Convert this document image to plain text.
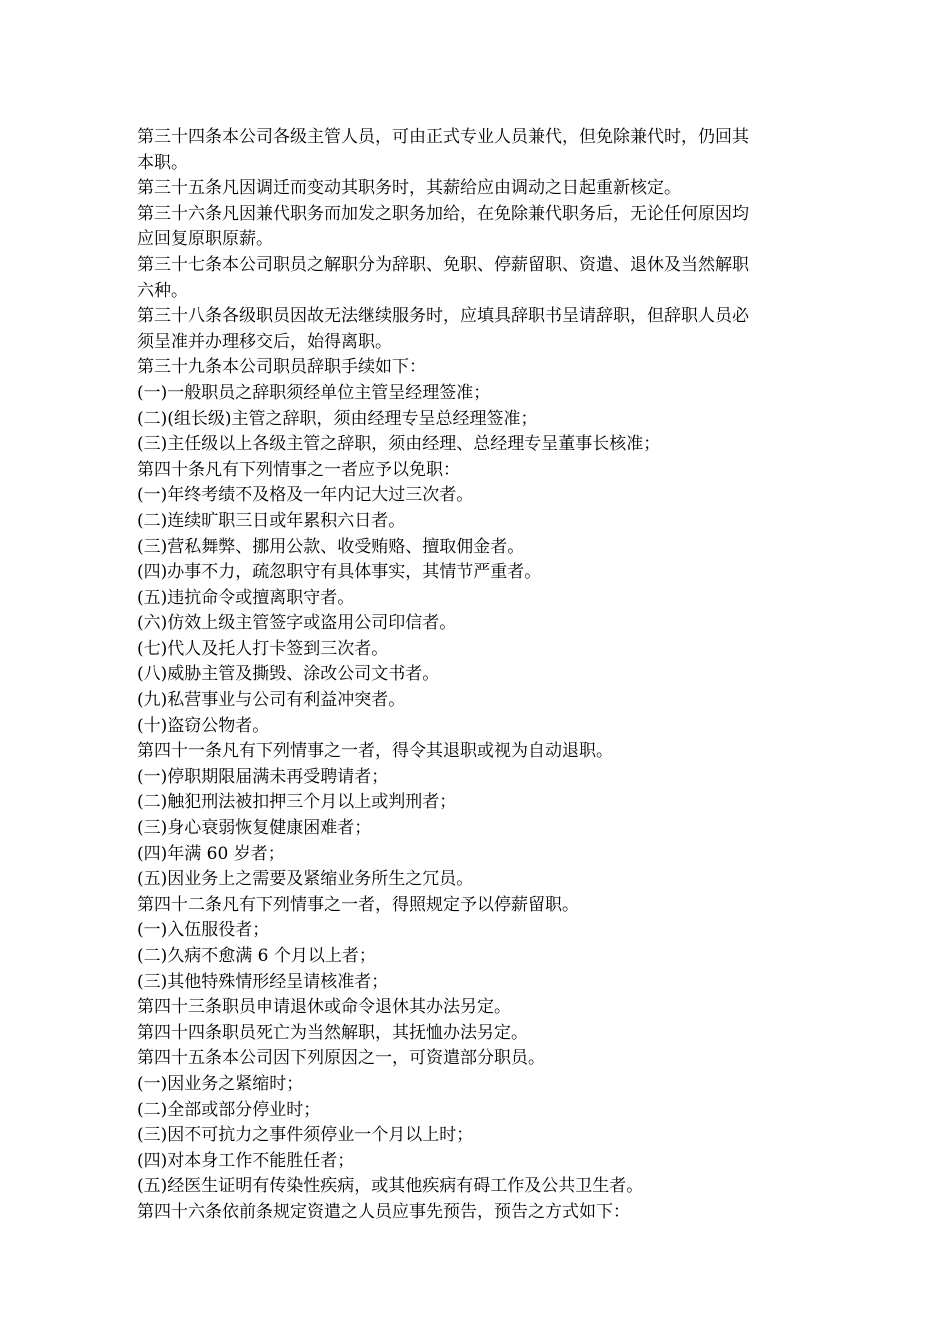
第三十四条本公司各级主管人员，可由正式专业人员兼代，但免除兼代时，仍回其本职。

第三十五条凡因调迁而变动其职务时，其薪给应由调动之日起重新核定。

第三十六条凡因兼代职务而加发之职务加给，在免除兼代职务后，无论任何原因均应回复原职原薪。

第三十七条本公司职员之解职分为辞职、免职、停薪留职、资遣、退休及当然解职六种。

第三十八条各级职员因故无法继续服务时，应填具辞职书呈请辞职，但辞职人员必须呈准并办理移交后，始得离职。

第三十九条本公司职员辞职手续如下：

(一)一般职员之辞职须经单位主管呈经理签准；

(二)(组长级)主管之辞职，须由经理专呈总经理签准；

(三)主任级以上各级主管之辞职，须由经理、总经理专呈董事长核准；

第四十条凡有下列情事之一者应予以免职：

(一)年终考绩不及格及一年内记大过三次者。

(二)连续旷职三日或年累积六日者。

(三)营私舞弊、挪用公款、收受贿赂、擅取佣金者。

(四)办事不力，疏忽职守有具体事实，其情节严重者。

(五)违抗命令或擅离职守者。

(六)仿效上级主管签字或盗用公司印信者。

(七)代人及托人打卡签到三次者。

(八)威胁主管及撕毁、涂改公司文书者。

(九)私营事业与公司有利益冲突者。

(十)盗窃公物者。

第四十一条凡有下列情事之一者，得令其退职或视为自动退职。

(一)停职期限届满未再受聘请者；

(二)触犯刑法被扣押三个月以上或判刑者；

(三)身心衰弱恢复健康困难者；

(四)年满 60 岁者；

(五)因业务上之需要及紧缩业务所生之冗员。

第四十二条凡有下列情事之一者，得照规定予以停薪留职。

(一)入伍服役者；

(二)久病不愈满 6 个月以上者；

(三)其他特殊情形经呈请核准者；

第四十三条职员申请退休或命令退休其办法另定。

第四十四条职员死亡为当然解职，其抚恤办法另定。

第四十五条本公司因下列原因之一，可资遣部分职员。

(一)因业务之紧缩时；

(二)全部或部分停业时；

(三)因不可抗力之事件须停业一个月以上时；

(四)对本身工作不能胜任者；

(五)经医生证明有传染性疾病，或其他疾病有碍工作及公共卫生者。

第四十六条依前条规定资遣之人员应事先预告，预告之方式如下：
